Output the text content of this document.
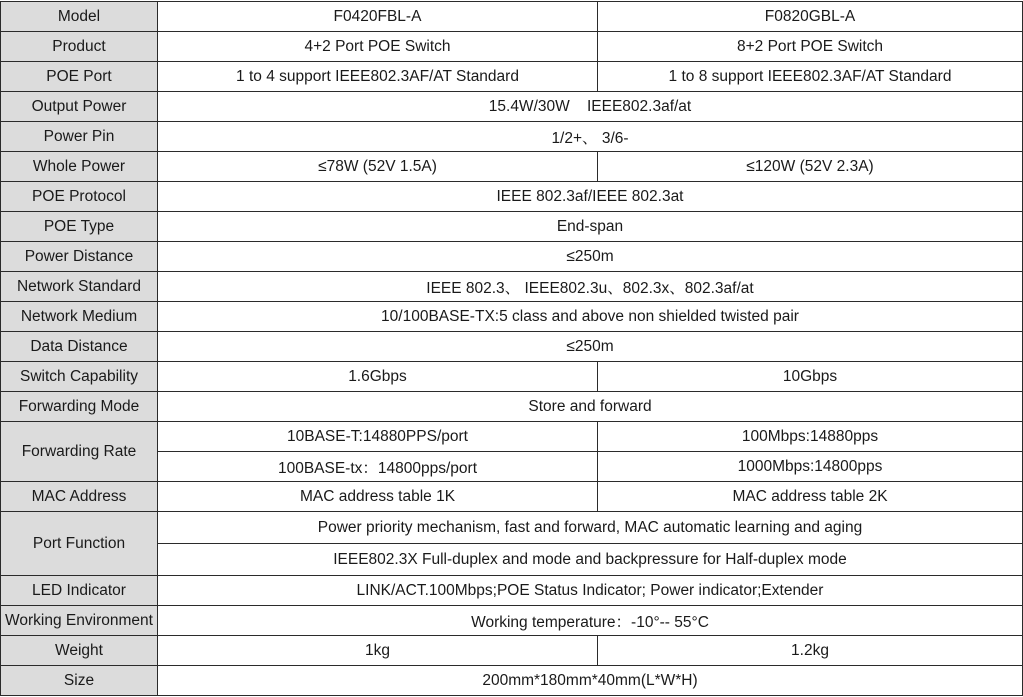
Model	F0420FBL-A	F0820GBL-A
Product	4+2 Port POE Switch	8+2 Port POE Switch
POE Port	1 to 4 support IEEE802.3AF/AT Standard	1 to 8 support IEEE802.3AF/AT Standard
Output Power	15.4W/30W    IEEE802.3af/at	
Power Pin	1/2+、 3/6-	
Whole Power	≤78W (52V 1.5A)	≤120W (52V 2.3A)
POE Protocol	IEEE 802.3af/IEEE 802.3at	
POE Type	End-span	
Power Distance	≤250m	
Network Standard	IEEE 802.3、 IEEE802.3u、802.3x、802.3af/at	
Network Medium	10/100BASE-TX:5 class and above non shielded twisted pair	
Data Distance	≤250m	
Switch Capability	1.6Gbps	10Gbps
Forwarding Mode	Store and forward	
Forwarding Rate	10BASE-T:14880PPS/port	100Mbps:14880pps
	100BASE-tx：14800pps/port	1000Mbps:14800pps
MAC Address	MAC address table 1K	MAC address table 2K
Port Function	Power priority mechanism, fast and forward, MAC automatic learning and aging	
	IEEE802.3X Full-duplex and mode and backpressure for Half-duplex mode	
LED Indicator	LINK/ACT.100Mbps;POE Status Indicator; Power indicator;Extender	
Working Environment	Working temperature：-10°-- 55°C	
Weight	1kg	1.2kg
Size	200mm*180mm*40mm(L*W*H)	
